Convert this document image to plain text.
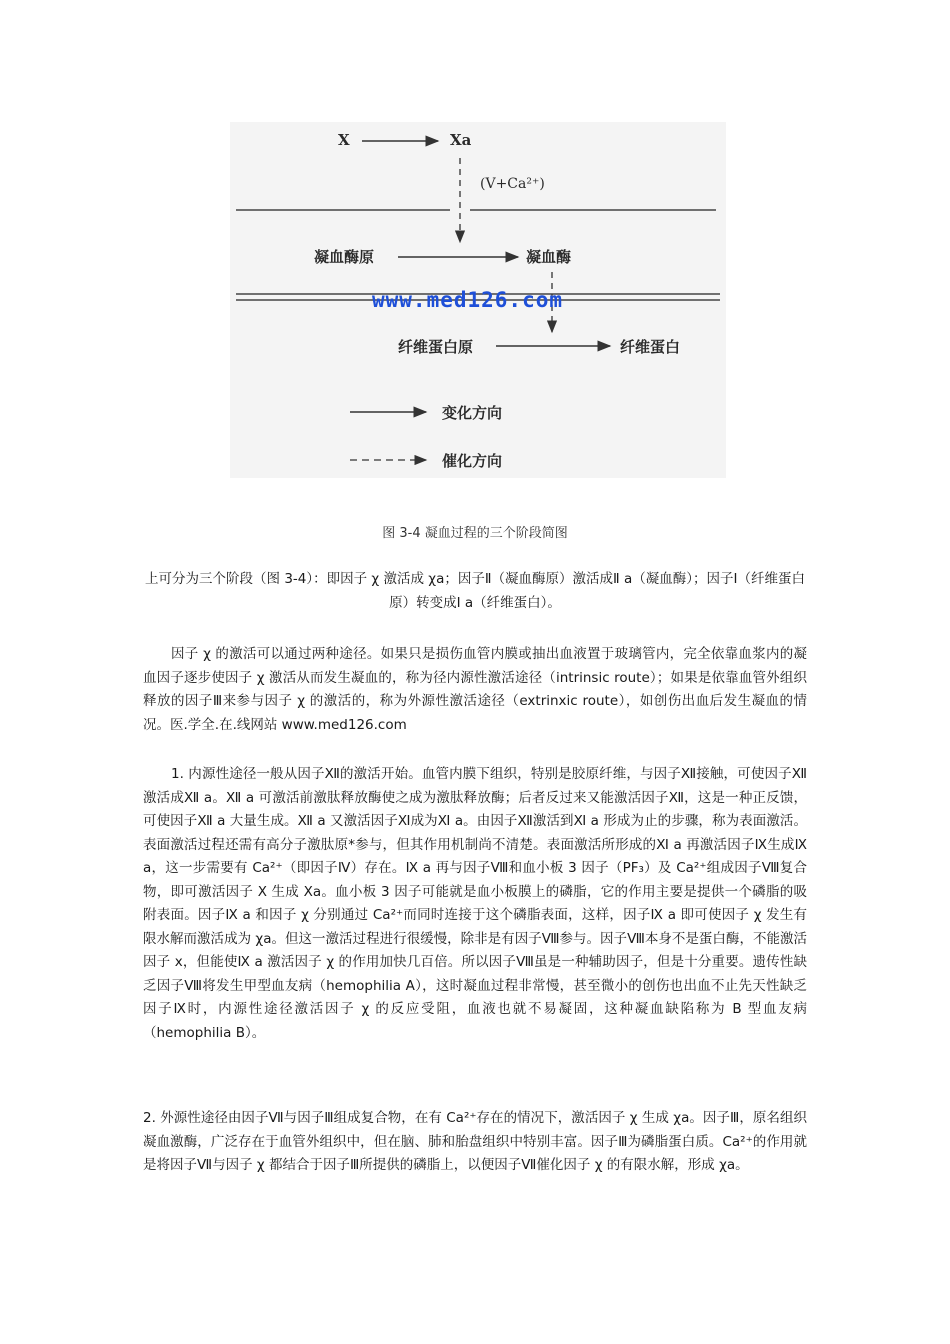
X	Xa
(V+Ca²⁺)
凝血酶原	凝血酶
www.med126.com
纤维蛋白原	纤维蛋白
变化方向
催化方向
图 3-4 凝血过程的三个阶段简图

上可分为三个阶段（图 3-4）：即因子 χ 激活成 χa；因子Ⅱ（凝血酶原）激活成Ⅱ a（凝血酶）；因子Ⅰ（纤维蛋白原）转变成Ⅰ a（纤维蛋白）。

因子 χ 的激活可以通过两种途径。如果只是损伤血管内膜或抽出血液置于玻璃管内，完全依靠血浆内的凝血因子逐步使因子 χ 激活从而发生凝血的，称为径内源性激活途径（intrinsic route）；如果是依靠血管外组织释放的因子Ⅲ来参与因子 χ 的激活的，称为外源性激活途径（extrinxic route），如创伤出血后发生凝血的情况。医.学全.在.线网站 www.med126.com

1. 内源性途径一般从因子Ⅻ的激活开始。血管内膜下组织，特别是胶原纤维，与因子Ⅻ接触，可使因子Ⅻ激活成Ⅻ a。Ⅻ a 可激活前激肽释放酶使之成为激肽释放酶；后者反过来又能激活因子Ⅻ，这是一种正反馈，可使因子Ⅻ a 大量生成。Ⅻ a 又激活因子Ⅺ成为Ⅺ a。由因子Ⅻ激活到Ⅺ a 形成为止的步骤，称为表面激活。表面激活过程还需有高分子激肽原*参与，但其作用机制尚不清楚。表面激活所形成的Ⅺ a 再激活因子Ⅸ生成Ⅸ a，这一步需要有 Ca²⁺（即因子Ⅳ）存在。Ⅸ a 再与因子Ⅷ和血小板 3 因子（PF₃）及 Ca²⁺组成因子Ⅷ复合物，即可激活因子 X 生成 Xa。血小板 3 因子可能就是血小板膜上的磷脂，它的作用主要是提供一个磷脂的吸附表面。因子Ⅸ a 和因子 χ 分别通过 Ca²⁺而同时连接于这个磷脂表面，这样，因子Ⅸ a 即可使因子 χ 发生有限水解而激活成为 χa。但这一激活过程进行很缓慢，除非是有因子Ⅷ参与。因子Ⅷ本身不是蛋白酶，不能激活因子 x，但能使Ⅸ a 激活因子 χ 的作用加快几百倍。所以因子Ⅷ虽是一种辅助因子，但是十分重要。遗传性缺乏因子Ⅷ将发生甲型血友病（hemophilia A），这时凝血过程非常慢，甚至微小的创伤也出血不止先天性缺乏因子Ⅸ时，内源性途径激活因子 χ 的反应受阻，血液也就不易凝固，这种凝血缺陷称为 B 型血友病（hemophilia B）。

2. 外源性途径由因子Ⅶ与因子Ⅲ组成复合物，在有 Ca²⁺存在的情况下，激活因子 χ 生成 χa。因子Ⅲ，原名组织凝血激酶，广泛存在于血管外组织中，但在脑、肺和胎盘组织中特别丰富。因子Ⅲ为磷脂蛋白质。Ca²⁺的作用就是将因子Ⅶ与因子 χ 都结合于因子Ⅲ所提供的磷脂上，以便因子Ⅶ催化因子 χ 的有限水解，形成 χa。
